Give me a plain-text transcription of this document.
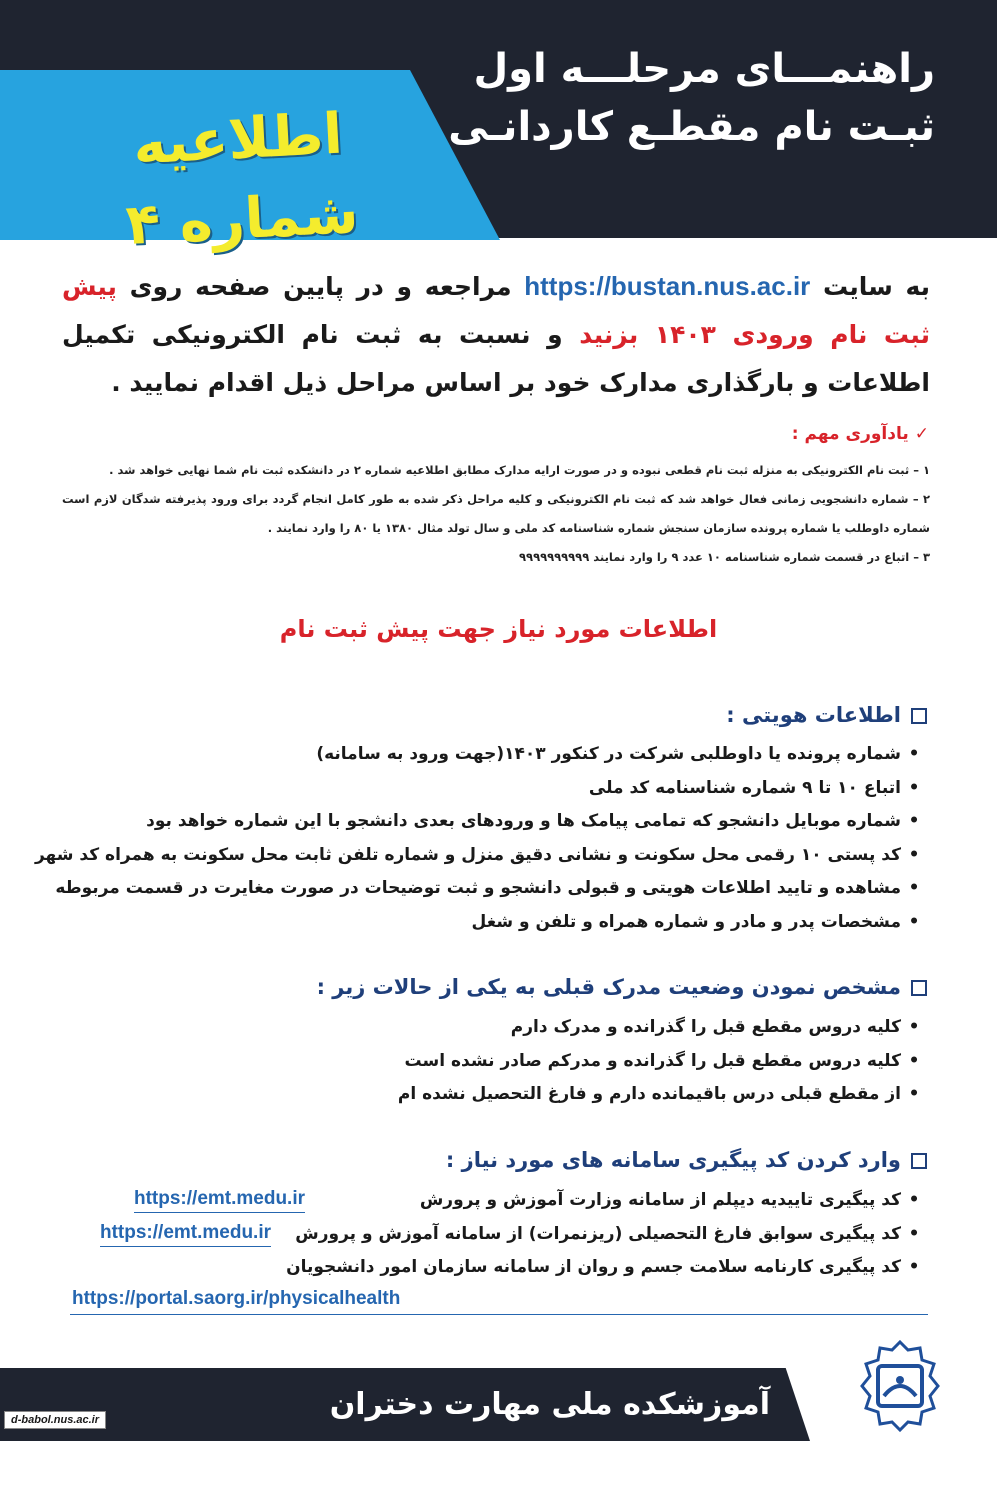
راهنمـــای مرحلـــه اول
ثبـت نام مقطـع کاردانـی
اطلاعیه شماره ۴
به سایت https://bustan.nus.ac.ir مراجعه و در پایین صفحه روی پیش ثبت نام ورودی ۱۴۰۳ بزنید و نسبت به ثبت نام الکترونیکی تکمیل اطلاعات و بارگذاری مدارک خود بر اساس مراحل ذیل اقدام نمایید .
✓یادآوری مهم :

۱ – ثبت نام الکترونیکی به منزله ثبت نام قطعی نبوده و در صورت ارایه مدارک مطابق اطلاعیه شماره ۲ در دانشکده ثبت نام شما نهایی خواهد شد .

۲ – شماره دانشجویی زمانی فعال خواهد شد که ثبت نام الکترونیکی و کلیه مراحل ذکر شده به طور کامل انجام گردد برای ورود پذیرفته شدگان لازم است شماره داوطلب یا شماره پرونده سازمان سنجش شماره شناسنامه کد ملی و سال تولد مثال ۱۳۸۰ یا ۸۰ را وارد نمایند .

۳ – اتباع در قسمت شماره شناسنامه ۱۰ عدد ۹ را وارد نمایند ۹۹۹۹۹۹۹۹۹۹

اطلاعات مورد نیاز جهت پیش ثبت نام
اطلاعات هویتی :
•شماره پرونده یا داوطلبی شرکت در کنکور ۱۴۰۳(جهت ورود به سامانه)
•اتباع ۱۰ تا ۹ شماره شناسنامه کد ملی
•شماره موبایل دانشجو که تمامی پیامک ها و ورودهای بعدی دانشجو با این شماره خواهد بود
•کد پستی ۱۰ رقمی محل سکونت و نشانی دقیق منزل و شماره تلفن ثابت محل سکونت به همراه کد شهر
•مشاهده و تایید اطلاعات هویتی و قبولی دانشجو و ثبت توضیحات در صورت مغایرت در قسمت مربوطه
•مشخصات پدر و مادر و شماره همراه و تلفن و شغل
مشخص نمودن وضعیت مدرک قبلی به یکی از حالات زیر :
•کلیه دروس مقطع قبل را گذرانده و مدرک دارم
•کلیه دروس مقطع قبل را گذرانده و مدرکم صادر نشده است
•از مقطع قبلی درس باقیمانده دارم و فارغ التحصیل نشده ام
وارد کردن کد پیگیری سامانه های مورد نیاز :
•کد پیگیری تاییدیه دیپلم از سامانه وزارت آموزش و پرورش
•کد پیگیری سوابق فارغ التحصیلی (ریزنمرات) از سامانه آموزش و پرورش
•کد پیگیری کارنامه سلامت جسم و روان از سامانه سازمان امور دانشجویان
https://emt.medu.ir
https://emt.medu.ir
https://portal.saorg.ir/physicalhealth
آموزشکده ملی مهارت دختران بابل
d-babol.nus.ac.ir
